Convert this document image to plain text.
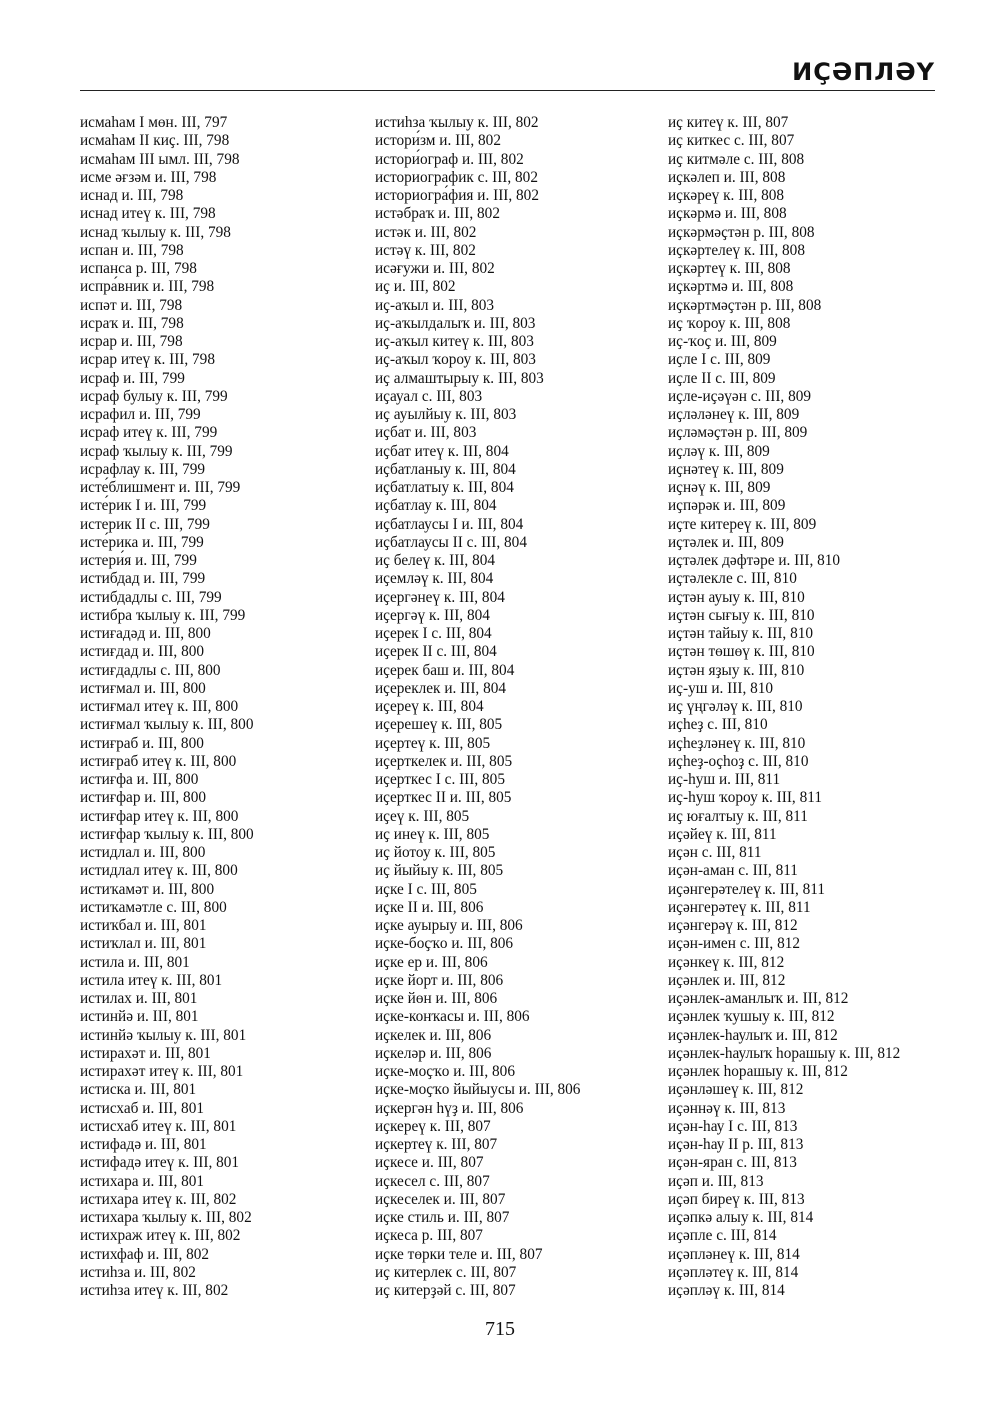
ИҪӘПЛӘҮ
исмаһам I мөн. III, 797
исмаһам II киҫ. III, 798
исмаһам III ымл. III, 798
исме әғзәм и. III, 798
иснад и. III, 798
иснад итеү к. III, 798
иснад ҡылыу к. III, 798
испан и. III, 798
испанса р. III, 798
испра́вник и. III, 798
испәт и. III, 798
исраҡ и. III, 798
исрар и. III, 798
исрар итеү к. III, 798
исраф и. III, 799
исраф булыу к. III, 799
исрафил и. III, 799
исраф итеү к. III, 799
исраф ҡылыу к. III, 799
исрафлау к. III, 799
исте́блишмент и. III, 799
исте́рик I и. III, 799
истерик II с. III, 799
исте́рика и. III, 799
истери́я и. III, 799
истибдад и. III, 799
истибдадлы с. III, 799
истибра ҡылыу к. III, 799
истиғадәд и. III, 800
истиғдад и. III, 800
истиғдадлы с. III, 800
истиғмал и. III, 800
истиғмал итеү к. III, 800
истиғмал ҡылыу к. III, 800
истиғраб и. III, 800
истиғраб итеү к. III, 800
истиғфа и. III, 800
истиғфар и. III, 800
истиғфар итеү к. III, 800
истиғфар ҡылыу к. III, 800
истидлал и. III, 800
истидлал итеү к. III, 800
истиҡамәт и. III, 800
истиҡамәтле с. III, 800
истиҡбал и. III, 801
истиҡлал и. III, 801
истила и. III, 801
истила итеү к. III, 801
истилах и. III, 801
истинйә и. III, 801
истинйә ҡылыу к. III, 801
истирахәт и. III, 801
истирахәт итеү к. III, 801
истиска и. III, 801
истисхаб и. III, 801
истисхаб итеү к. III, 801
истифадә и. III, 801
истифадә итеү к. III, 801
истихара и. III, 801
истихара итеү к. III, 802
истихара ҡылыу к. III, 802
истихраж итеү к. III, 802
истихфаф и. III, 802
истиһза и. III, 802
истиһза итеү к. III, 802
истиһза ҡылыу к. III, 802
истори́зм и. III, 802
истори́ограф и. III, 802
историографик с. III, 802
историогра́фия и. III, 802
истәбраҡ и. III, 802
истәк и. III, 802
истәү к. III, 802
исәғужи и. III, 802
иҫ и. III, 802
иҫ-аҡыл и. III, 803
иҫ-аҡылдалыҡ и. III, 803
иҫ-аҡыл китеү к. III, 803
иҫ-аҡыл ҡороу к. III, 803
иҫ алмаштырыу к. III, 803
иҫауал с. III, 803
иҫ ауылйыу к. III, 803
иҫбат и. III, 803
иҫбат итеү к. III, 804
иҫбатланыу к. III, 804
иҫбатлатыу к. III, 804
иҫбатлау к. III, 804
иҫбатлаусы I и. III, 804
иҫбатлаусы II с. III, 804
иҫ белеү к. III, 804
иҫемләү к. III, 804
иҫергәнеү к. III, 804
иҫергәү к. III, 804
иҫерек I с. III, 804
иҫерек II с. III, 804
иҫерек баш и. III, 804
иҫереклек и. III, 804
иҫереү к. III, 804
иҫерешеү к. III, 805
иҫертеү к. III, 805
иҫерткелек и. III, 805
иҫерткес I с. III, 805
иҫерткес II и. III, 805
иҫеү к. III, 805
иҫ инеү к. III, 805
иҫ йотоу к. III, 805
иҫ йыйыу к. III, 805
иҫке I с. III, 805
иҫке II и. III, 806
иҫке ауырыу и. III, 806
иҫке-боҫҡо и. III, 806
иҫке ер и. III, 806
иҫке йорт и. III, 806
иҫке йөн и. III, 806
иҫке-конҡасы и. III, 806
иҫкелек и. III, 806
иҫкеләр и. III, 806
иҫке-моҫҡо и. III, 806
иҫке-моҫҡо йыйыусы и. III, 806
иҫкергән һүҙ и. III, 806
иҫкереү к. III, 807
иҫкертеү к. III, 807
иҫкесе и. III, 807
иҫкесел с. III, 807
иҫкеселек и. III, 807
иҫке стиль и. III, 807
иҫкеса р. III, 807
иҫке төрки теле и. III, 807
иҫ китерлек с. III, 807
иҫ китерҙәй с. III, 807
иҫ китеү к. III, 807
иҫ киткес с. III, 807
иҫ китмәле с. III, 808
иҫкәлеп и. III, 808
иҫкәреү к. III, 808
иҫкәрмә и. III, 808
иҫкәрмәҫтән р. III, 808
иҫкәртелеү к. III, 808
иҫкәртеү к. III, 808
иҫкәртмә и. III, 808
иҫкәртмәҫтән р. III, 808
иҫ ҡороу к. III, 808
иҫ-ҡоҫ и. III, 809
иҫле I с. III, 809
иҫле II с. III, 809
иҫле-иҫәүән с. III, 809
иҫләләнеү к. III, 809
иҫләмәҫтән р. III, 809
иҫләү к. III, 809
иҫнәтеү к. III, 809
иҫнәү к. III, 809
иҫпәрәк и. III, 809
иҫте китереү к. III, 809
иҫтәлек и. III, 809
иҫтәлек дәфтәре и. III, 810
иҫтәлекле с. III, 810
иҫтән ауыу к. III, 810
иҫтән сығыу к. III, 810
иҫтән тайыу к. III, 810
иҫтән төшөү к. III, 810
иҫтән яҙыу к. III, 810
иҫ-уш и. III, 810
иҫ үңгәләү к. III, 810
иҫһеҙ с. III, 810
иҫһеҙләнеү к. III, 810
иҫһеҙ-оҫһоҙ с. III, 810
иҫ-һуш и. III, 811
иҫ-һуш ҡороу к. III, 811
иҫ юғалтыу к. III, 811
иҫәйеү к. III, 811
иҫән с. III, 811
иҫән-аман с. III, 811
иҫәнгерәтелеү к. III, 811
иҫәнгерәтеү к. III, 811
иҫәнгерәү к. III, 812
иҫән-имен с. III, 812
иҫәнкеү к. III, 812
иҫәнлек и. III, 812
иҫәнлек-аманлыҡ и. III, 812
иҫәнлек ҡушыу к. III, 812
иҫәнлек-һаулыҡ и. III, 812
иҫәнлек-һаулыҡ һорашыу к. III, 812
иҫәнлек һорашыу к. III, 812
иҫәнләшеү к. III, 812
иҫәннәү к. III, 813
иҫән-һау I с. III, 813
иҫән-һау II р. III, 813
иҫән-яран с. III, 813
иҫәп и. III, 813
иҫәп биреү к. III, 813
иҫәпкә алыу к. III, 814
иҫәпле с. III, 814
иҫәпләнеү к. III, 814
иҫәпләтеү к. III, 814
иҫәпләү к. III, 814
715
